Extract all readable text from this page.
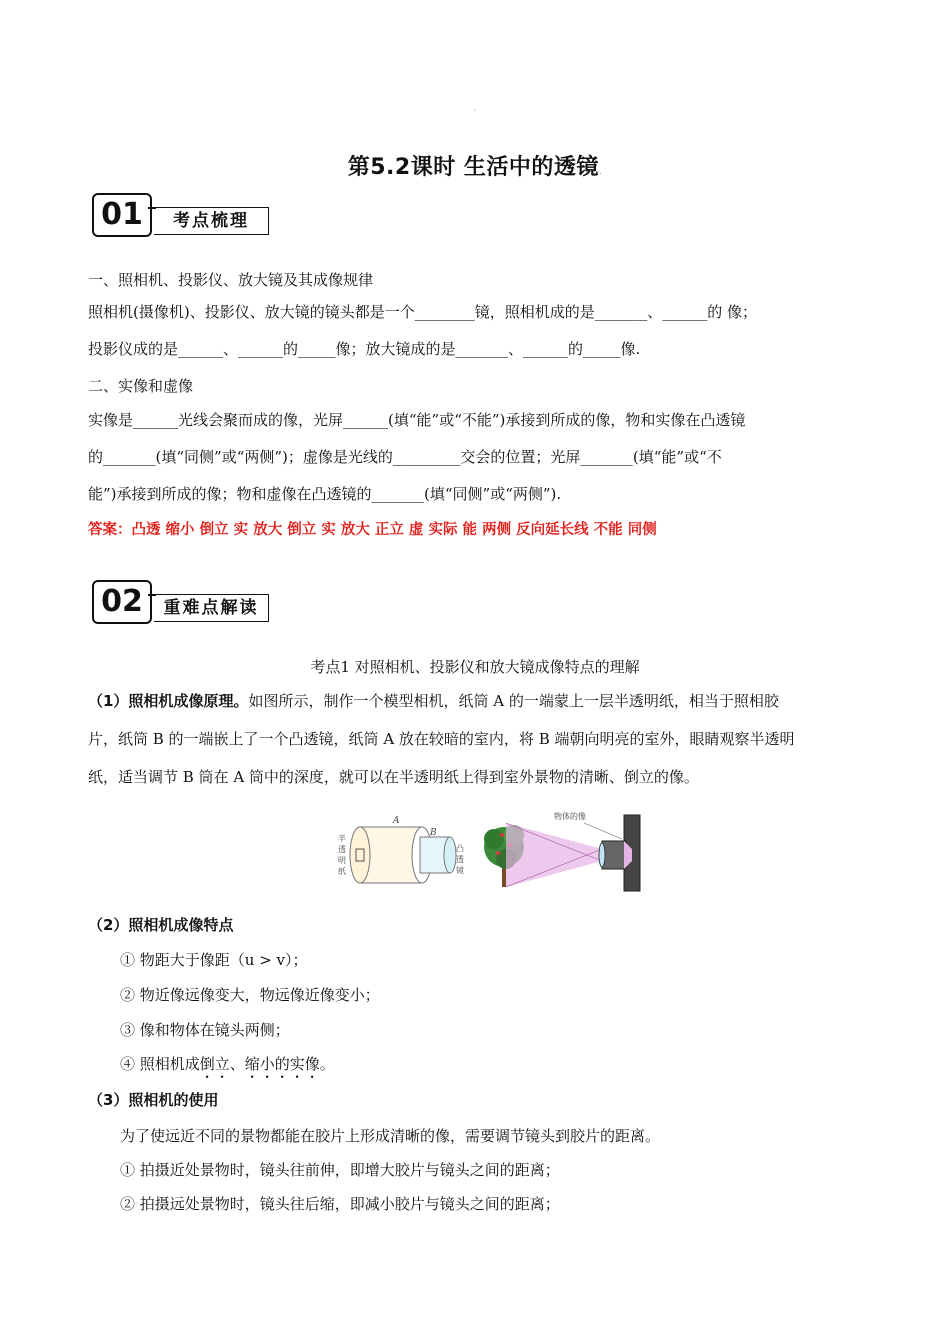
`
第5.2课时 生活中的透镜.
01	考点梳理
一、照相机、投影仪、放大镜及其成像规律
照相机(摄像机)、投影仪、放大镜的镜头都是一个________镜，照相机成的是_______、______的 像；
投影仪成的是______、______的_____像；放大镜成的是_______、______的_____像.
二、实像和虚像
实像是______光线会聚而成的像，光屏______(填“能”或“不能”)承接到所成的像，物和实像在凸透镜
的_______(填“同侧”或“两侧”)；虚像是光线的_________交会的位置；光屏_______(填“能”或“不
能”)承接到所成的像；物和虚像在凸透镜的_______(填“同侧”或“两侧”).
答案：凸透 缩小 倒立 实 放大 倒立 实 放大 正立 虚 实际 能 两侧 反向延长线 不能 同侧
02	重难点解读
考点1 对照相机、投影仪和放大镜成像特点的理解
（1）照相机成像原理。如图所示，制作一个模型相机，纸筒 A 的一端蒙上一层半透明纸，相当于照相胶
片，纸筒 B 的一端嵌上了一个凸透镜，纸筒 A 放在较暗的室内，将 B 端朝向明亮的室外，眼睛观察半透明
纸，适当调节 B 筒在 A 筒中的深度，就可以在半透明纸上得到室外景物的清晰、倒立的像。
A
B
半
透
明
纸
凸
透
镜
物体的像
（2）照相机成像特点
① 物距大于像距（u > v）；
② 物近像远像变大，物远像近像变小；
③ 像和物体在镜头两侧；
④ 照相机成倒立、缩小的实像。
（3）照相机的使用
为了使远近不同的景物都能在胶片上形成清晰的像，需要调节镜头到胶片的距离。
① 拍摄近处景物时，镜头往前伸，即增大胶片与镜头之间的距离；
② 拍摄远处景物时，镜头往后缩，即减小胶片与镜头之间的距离；
